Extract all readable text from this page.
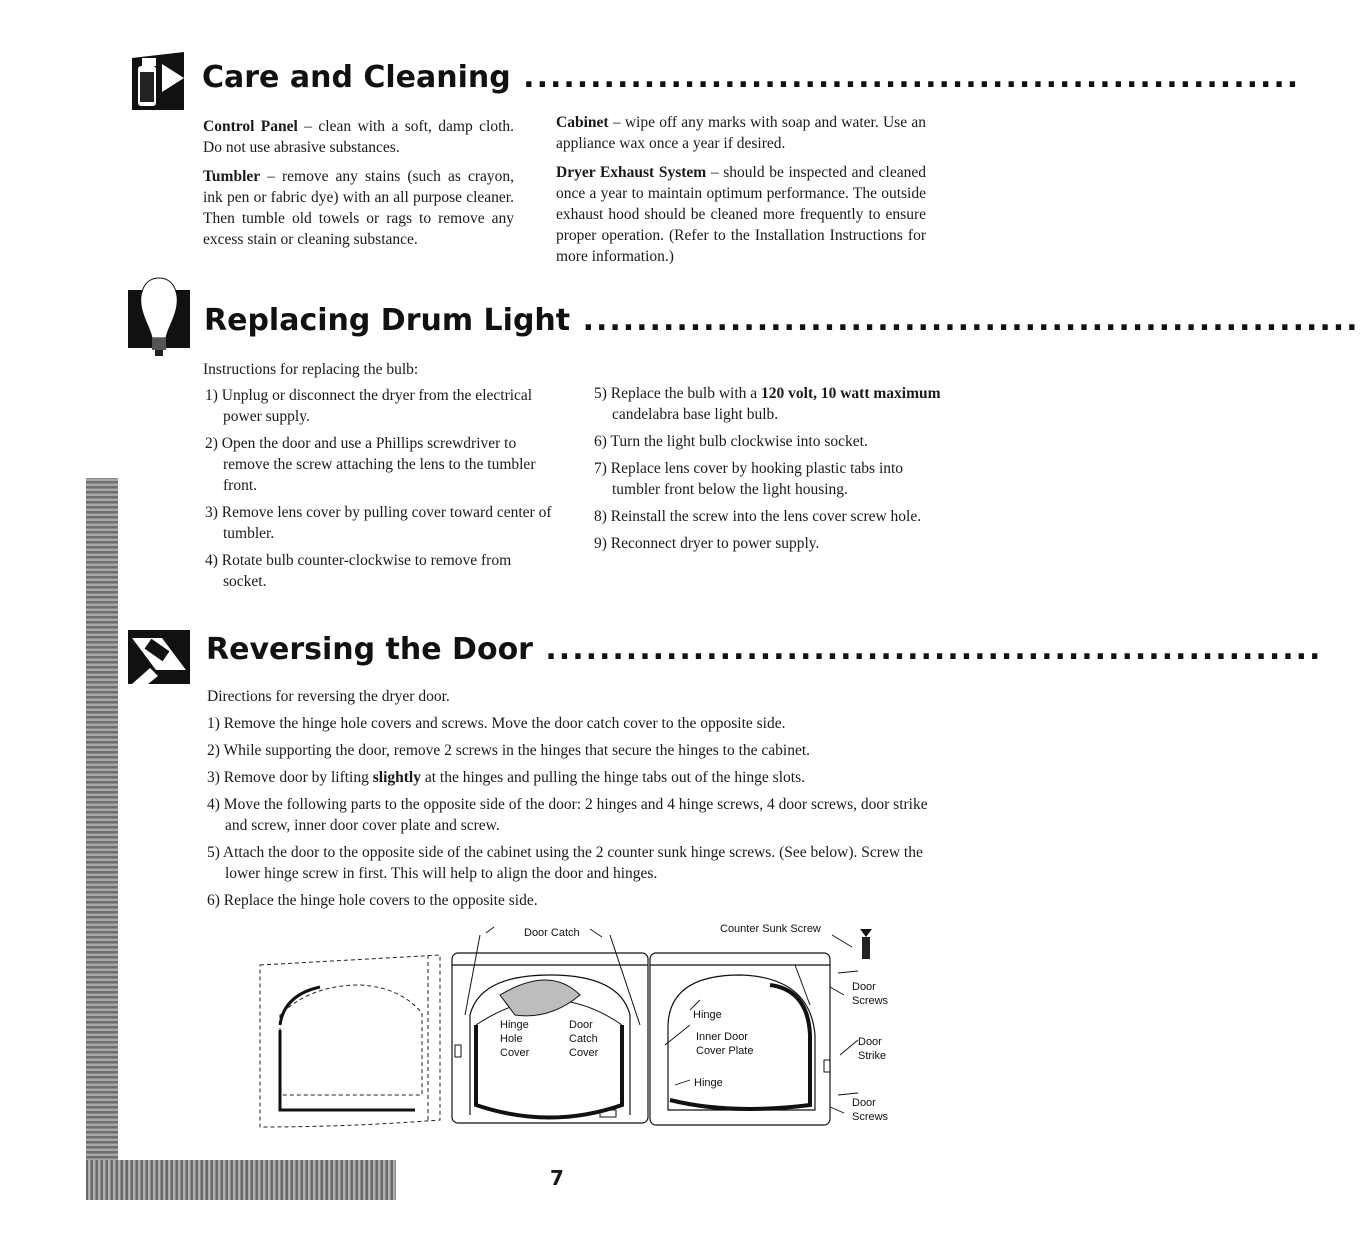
Care and Cleaning ..........................................................

Control Panel – clean with a soft, damp cloth. Do not use abrasive substances.

Tumbler – remove any stains (such as crayon, ink pen or fabric dye) with an all purpose cleaner. Then tumble old towels or rags to remove any excess stain or cleaning substance.

Cabinet – wipe off any marks with soap and water. Use an appliance wax once a year if desired.

Dryer Exhaust System – should be inspected and cleaned once a year to maintain optimum performance. The outside exhaust hood should be cleaned more frequently to ensure proper operation. (Refer to the Installation Instructions for more information.)

Replacing Drum Light ..........................................................
Instructions for replacing the bulb:
1) Unplug or disconnect the dryer from the electrical power supply.
2) Open the door and use a Phillips screwdriver to remove the screw attaching the lens to the tumbler front.
3) Remove lens cover by pulling cover toward center of tumbler.
4) Rotate bulb counter-clockwise to remove from socket.
5) Replace the bulb with a 120 volt, 10 watt maximum candelabra base light bulb.
6) Turn the light bulb clockwise into socket.
7) Replace lens cover by hooking plastic tabs into tumbler front below the light housing.
8) Reinstall the screw into the lens cover screw hole.
9) Reconnect dryer to power supply.
Reversing the Door ..........................................................
Directions for reversing the dryer door.
1) Remove the hinge hole covers and screws. Move the door catch cover to the opposite side.
2) While supporting the door, remove 2 screws in the hinges that secure the hinges to the cabinet.
3) Remove door by lifting slightly at the hinges and pulling the hinge tabs out of the hinge slots.
4) Move the following parts to the opposite side of the door: 2 hinges and 4 hinge screws, 4 door screws, door strike and screw, inner door cover plate and screw.
5) Attach the door to the opposite side of the cabinet using the 2 counter sunk hinge screws. (See below). Screw the lower hinge screw in first. This will help to align the door and hinges.
6) Replace the hinge hole covers to the opposite side.
Door Catch	Counter Sunk Screw
Hinge
Hole
Cover
Door
Catch
Cover
Hinge
Inner Door
Cover Plate
Hinge
Door
Screws
Door
Strike
Door
Screws
7
